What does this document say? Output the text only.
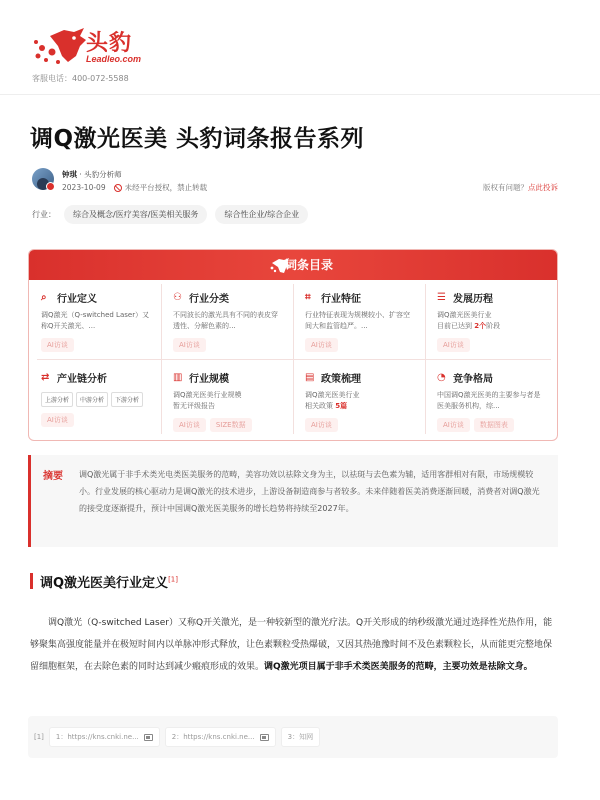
头豹
Leadleo.com
客服电话：400-072-5588
调Q激光医美 头豹词条报告系列
钟琪 · 头豹分析师
2023-10-09	未经平台授权，禁止转载	版权有问题？点此投诉
行业：	综合及概念/医疗美容/医美相关服务	综合性企业/综合企业
词条目录
⌕	行业定义
调Q激光（Q-switched Laser）又称Q开关激光、...
AI访谈
⚇ 行业分类
不同波长的激光具有不同的表皮穿透性、分解色素的...
AI访谈
⌗	行业特征
行业特征表现为规模较小、扩容空间大和监管趋严。...
AI访谈
☰ 发展历程
调Q激光医美行业
目前已达到 2个阶段
AI访谈
⇄ 产业链分析
上游分析	中游分析	下游分析
AI访谈
▥ 行业规模
调Q激光医美行业规模
暂无评级报告
AI访谈	SIZE数据
▤ 政策梳理
调Q激光医美行业
相关政策 5篇
AI访谈
◔ 竞争格局
中国调Q激光医美的主要参与者是医美服务机构，综...
AI访谈	数据图表
摘要 调Q激光属于非手术类光电类医美服务的范畴，美容功效以祛除文身为主，以祛斑与去色素为辅，适用客群相对有限，市场规模较小。行业发展的核心驱动力是调Q激光的技术进步，上游设备制造商参与者较多。未来伴随着医美消费逐渐回暖，消费者对调Q激光的接受度逐渐提升，预计中国调Q激光医美服务的增长趋势将持续至2027年。
调Q激光医美行业定义[1]
调Q激光（Q-switched Laser）又称Q开关激光，是一种较新型的激光疗法。Q开关形成的纳秒级激光通过选择性光热作用，能够聚集高强度能量并在极短时间内以单脉冲形式释放，让色素颗粒受热爆破，又因其热弛豫时间不及色素颗粒长，从而能更完整地保留细胞框架，在去除色素的同时达到减少瘢痕形成的效果。调Q激光项目属于非手术类医美服务的范畴，主要功效是祛除文身。
[1] 1：https://kns.cnki.ne...	2：https://kns.cnki.ne...	3：知网
